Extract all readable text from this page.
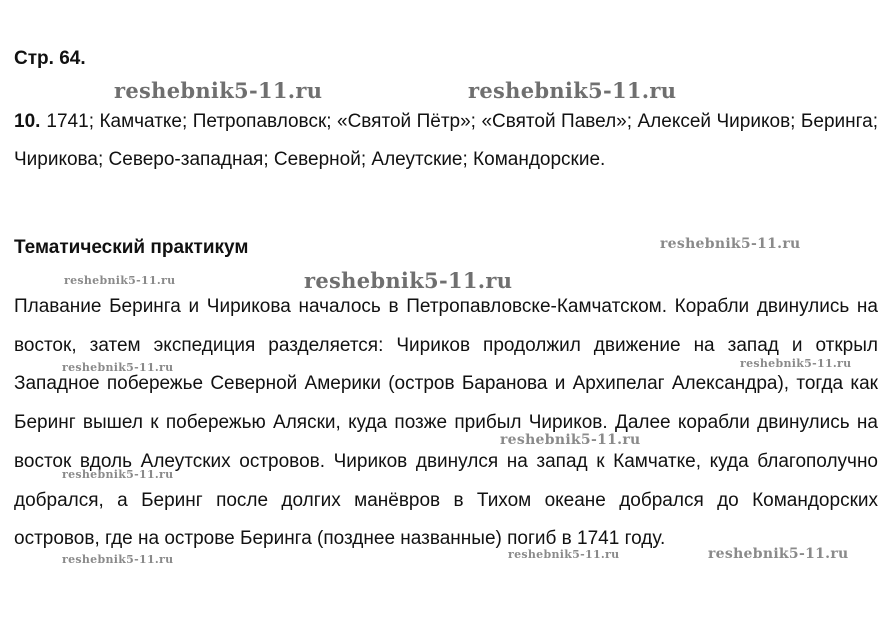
Стр. 64.

10. 1741; Камчатке; Петропавловск; «Святой Пётр»; «Святой Павел»; Алексей Чириков; Беринга; Чирикова; Северо-западная; Северной; Алеутские; Командорские.

Тематический практикум

Плавание Беринга и Чирикова началось в Петропавловске-Камчатском. Корабли двинулись на восток, затем экспедиция разделяется: Чириков продолжил движение на запад и открыл Западное побережье Северной Америки (остров Баранова и Архипелаг Александра), тогда как Беринг вышел к побережью Аляски, куда позже прибыл Чириков. Далее корабли двинулись на восток вдоль Алеутских островов. Чириков двинулся на запад к Камчатке, куда благополучно добрался, а Беринг после долгих манёвров в Тихом океане добрался до Командорских островов, где на острове Беринга (позднее названные) погиб в 1741 году.

reshebnik5-11.ru	reshebnik5-11.ru
reshebnik5-11.ru
reshebnik5-11.ru	reshebnik5-11.ru
reshebnik5-11.ru	reshebnik5-11.ru
reshebnik5-11.ru
reshebnik5-11.ru
reshebnik5-11.ru	reshebnik5-11.ru	reshebnik5-11.ru
